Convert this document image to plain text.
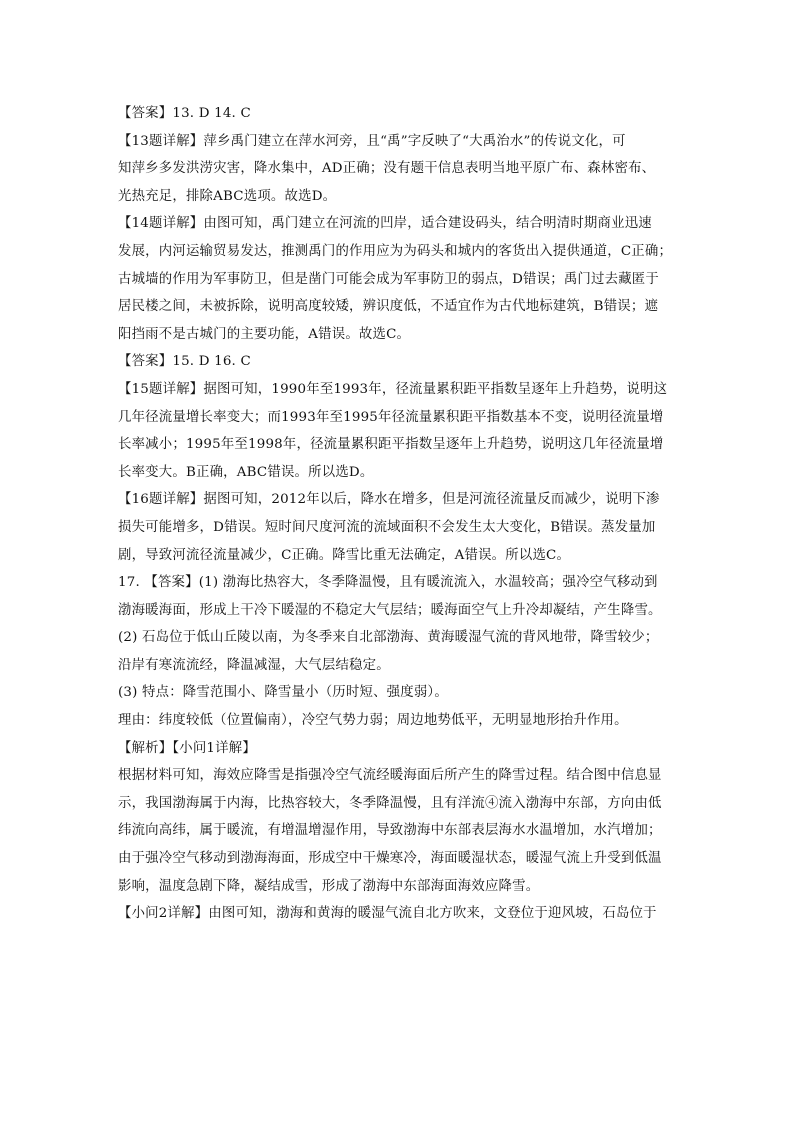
【答案】13. D 14. C
【13题详解】萍乡禹门建立在萍水河旁，且“禹”字反映了“大禹治水”的传说文化，可
知萍乡多发洪涝灾害，降水集中，AD正确；没有题干信息表明当地平原广布、森林密布、
光热充足，排除ABC选项。故选D。
【14题详解】由图可知，禹门建立在河流的凹岸，适合建设码头，结合明清时期商业迅速
发展，内河运输贸易发达，推测禹门的作用应为为码头和城内的客货出入提供通道，C正确；
古城墙的作用为军事防卫，但是凿门可能会成为军事防卫的弱点，D错误；禹门过去藏匿于
居民楼之间，未被拆除，说明高度较矮，辨识度低，不适宜作为古代地标建筑，B错误；遮
阳挡雨不是古城门的主要功能，A错误。故选C。
【答案】15. D 16. C
【15题详解】据图可知，1990年至1993年，径流量累积距平指数呈逐年上升趋势，说明这
几年径流量增长率变大；而1993年至1995年径流量累积距平指数基本不变，说明径流量增
长率减小；1995年至1998年，径流量累积距平指数呈逐年上升趋势，说明这几年径流量增
长率变大。B正确，ABC错误。所以选D。
【16题详解】据图可知，2012年以后，降水在增多，但是河流径流量反而减少，说明下渗
损失可能增多，D错误。短时间尺度河流的流域面积不会发生太大变化，B错误。蒸发量加
剧，导致河流径流量减少，C正确。降雪比重无法确定，A错误。所以选C。
17. 【答案】(1) 渤海比热容大，冬季降温慢，且有暖流流入，水温较高；强冷空气移动到
渤海暖海面，形成上干冷下暖湿的不稳定大气层结；暖海面空气上升冷却凝结，产生降雪。
(2) 石岛位于低山丘陵以南，为冬季来自北部渤海、黄海暖湿气流的背风地带，降雪较少；
沿岸有寒流流经，降温减湿，大气层结稳定。
(3) 特点：降雪范围小、降雪量小（历时短、强度弱）。
理由：纬度较低（位置偏南），冷空气势力弱；周边地势低平，无明显地形抬升作用。
【解析】【小问1详解】
根据材料可知，海效应降雪是指强冷空气流经暖海面后所产生的降雪过程。结合图中信息显
示，我国渤海属于内海，比热容较大，冬季降温慢，且有洋流④流入渤海中东部，方向由低
纬流向高纬，属于暖流，有增温增湿作用，导致渤海中东部表层海水水温增加，水汽增加；
由于强冷空气移动到渤海海面，形成空中干燥寒冷，海面暖湿状态，暖湿气流上升受到低温
影响，温度急剧下降，凝结成雪，形成了渤海中东部海面海效应降雪。
【小问2详解】由图可知，渤海和黄海的暖湿气流自北方吹来，文登位于迎风坡，石岛位于
